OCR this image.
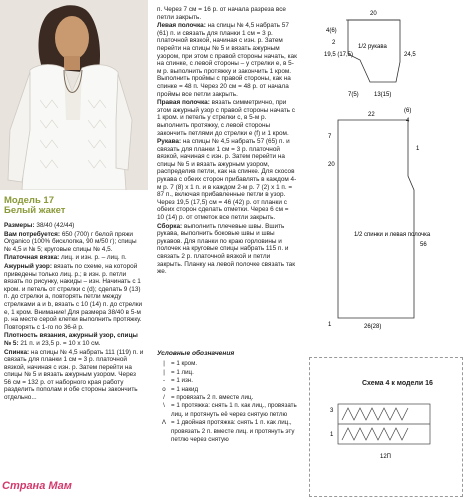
Модель 17
Белый жакет

Размеры: 38/40 (42/44)

Вам потребуется: 650 (700) г белой пряжи Organico (100% бисклопка, 90 м/50 г); спицы № 4,5 и № 5; круговые спицы № 4,5.

Платочная вязка: лиц. и изн. р. – лиц. п.

Ажурный узор: вязать по схеме, на которой приведены только лиц. р.; в изн. р. петли вязать по рисунку, накиды – изн. Начинать с 1 кром. и петель от стрелки с (d); сделать 9 (13) п. до стрелки a, повторять петли между стрелками a и b, вязать с 10 (14) п. до стрелки e, 1 кром. Внимание! Для размера 38/40 в 5-м р. на месте серой клетки выполнить протяжку. Повторять с 1-го по 36-й р.

Плотность вязания, ажурный узор, спицы № 5: 21 п. и 23,5 р. = 10 х 10 см.

Спинка: на спицы № 4,5 набрать 111 (119) п. и связать для планки 1 см = 3 р. платочной вязкой, начиная с изн. р. Затем перейти на спицы № 5 и вязать ажурным узором. Через 56 см = 132 р. от наборного края работу разделить пополам и обе стороны закончить отдельно...

п. Через 7 см = 16 р. от начала разреза все петли закрыть.

Левая полочка: на спицы № 4,5 набрать 57 (61) п. и связать для планки 1 см = 3 р. платочной вязкой, начиная с изн. р. Затем перейти на спицы № 5 и вязать ажурным узором, при этом с правой стороны начать, как на спинке, с левой стороны – у стрелки e, в 5-м р. выполнить протяжку и закончить 1 кром. Выполнить проймы с правой стороны, как на спинке = 48 п. Через 20 см = 48 р. от начала проймы все петли закрыть.

Правая полочка: вязать симметрично, при этом ажурный узор с правой стороны начать с 1 кром. и петель у стрелки с, в 5-м р. выполнить протяжку, с левой стороны закончить петлями до стрелки e (f) и 1 кром.

Рукава: на спицы № 4,5 набрать 57 (65) п. и связать для планки 1 см = 3 р. платочной вязкой, начиная с изн. р. Затем перейти на спицы № 5 и вязать ажурным узором, распределив петли, как на спинке. Для скосов рукава с обеих сторон прибавлять в каждом 4-м р. 7 (8) x 1 п. и в каждом 2-м р. 7 (2) x 1 п. = 87 п., включая прибавленные петли в узор. Через 19,5 (17,5) см = 46 (42) р. от планки с обеих сторон сделать отметки. Через 6 см = 10 (14) р. от отметок все петли закрыть.

Сборка: выполнить плечевые швы. Вшить рукава, выполнить боковые швы и швы рукавов. Для планки по краю горловины и полочек на круговые спицы набрать 115 п. и связать 2 р. платочной вязкой и петли закрыть. Планку на левой полочке связать так же.

Условные обозначения
|	= 1 кром.
|	= 1 лиц.
- = 1 изн.
o = 1 накид
/ = провязать 2 п. вместе лиц.
\ = 1 протяжка: снять 1 п. как лиц., провязать лиц. и протянуть её через снятую петлю
Λ = 1 двойная протяжка: снять 1 п. как лиц., провязать 2 п. вместе лиц. и протянуть эту петлю через снятую
20
4(6)
2
19,5 (17,5)
1/2 рукава
24,5
7(5)	13(15)
22
(6)
4
1
7
1/2 спинки и левая полочка
20
56
26(28)
1
Схема 4 к модели 16
3
1
12П
Страна Мам
